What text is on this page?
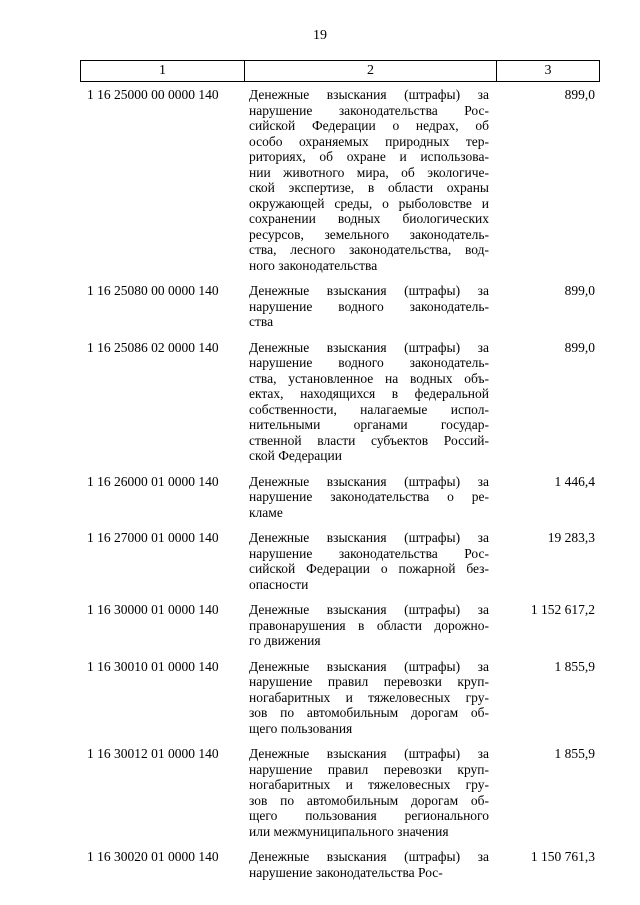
19
1	2	3
1 16 25000 00 0000 140	Денежные взыскания (штрафы) за
нарушение законодательства Рос-
сийской Федерации о недрах, об
особо охраняемых природных тер-
риториях, об охране и использова-
нии животного мира, об экологиче-
ской экспертизе, в области охраны
окружающей среды, о рыболовстве и
сохранении водных биологических
ресурсов, земельного законодатель-
ства, лесного законодательства, вод-
ного законодательства
899,0
1 16 25080 00 0000 140	Денежные взыскания (штрафы) за
нарушение водного законодатель-
ства
899,0
1 16 25086 02 0000 140	Денежные взыскания (штрафы) за
нарушение водного законодатель-
ства, установленное на водных объ-
ектах, находящихся в федеральной
собственности, налагаемые испол-
нительными органами государ-
ственной власти субъектов Россий-
ской Федерации
899,0
1 16 26000 01 0000 140	Денежные взыскания (штрафы) за
нарушение законодательства о ре-
кламе
1 446,4
1 16 27000 01 0000 140	Денежные взыскания (штрафы) за
нарушение законодательства Рос-
сийской Федерации о пожарной без-
опасности
19 283,3
1 16 30000 01 0000 140	Денежные взыскания (штрафы) за
правонарушения в области дорожно-
го движения
1 152 617,2
1 16 30010 01 0000 140	Денежные взыскания (штрафы) за
нарушение правил перевозки круп-
ногабаритных и тяжеловесных гру-
зов по автомобильным дорогам об-
щего пользования
1 855,9
1 16 30012 01 0000 140	Денежные взыскания (штрафы) за
нарушение правил перевозки круп-
ногабаритных и тяжеловесных гру-
зов по автомобильным дорогам об-
щего пользования регионального
или межмуниципального значения
1 855,9
1 16 30020 01 0000 140	Денежные взыскания (штрафы) за
нарушение законодательства Рос-
1 150 761,3
